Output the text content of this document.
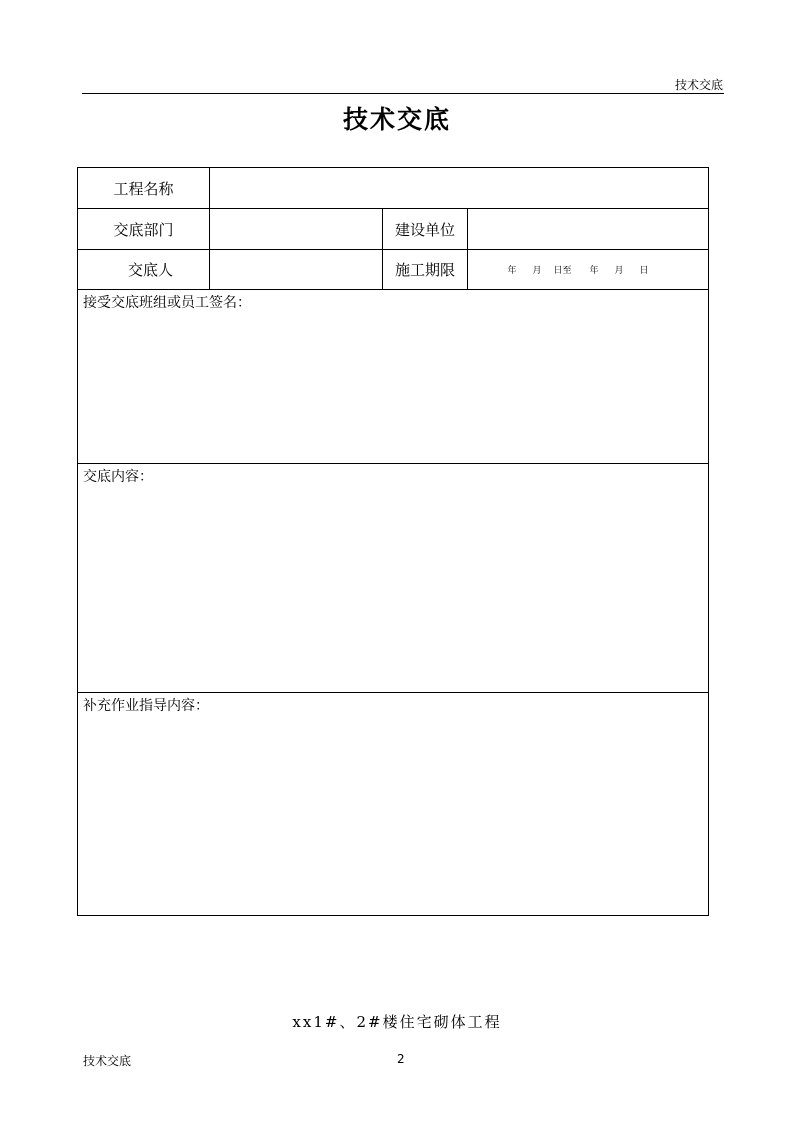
技术交底
技术交底
工程名称
交底部门	建设单位
交底人	施工期限	年 月 日至 年 月 日
接受交底班组或员工签名：
交底内容：
补充作业指导内容：
xx1#、2#楼住宅砌体工程
技术交底	2
